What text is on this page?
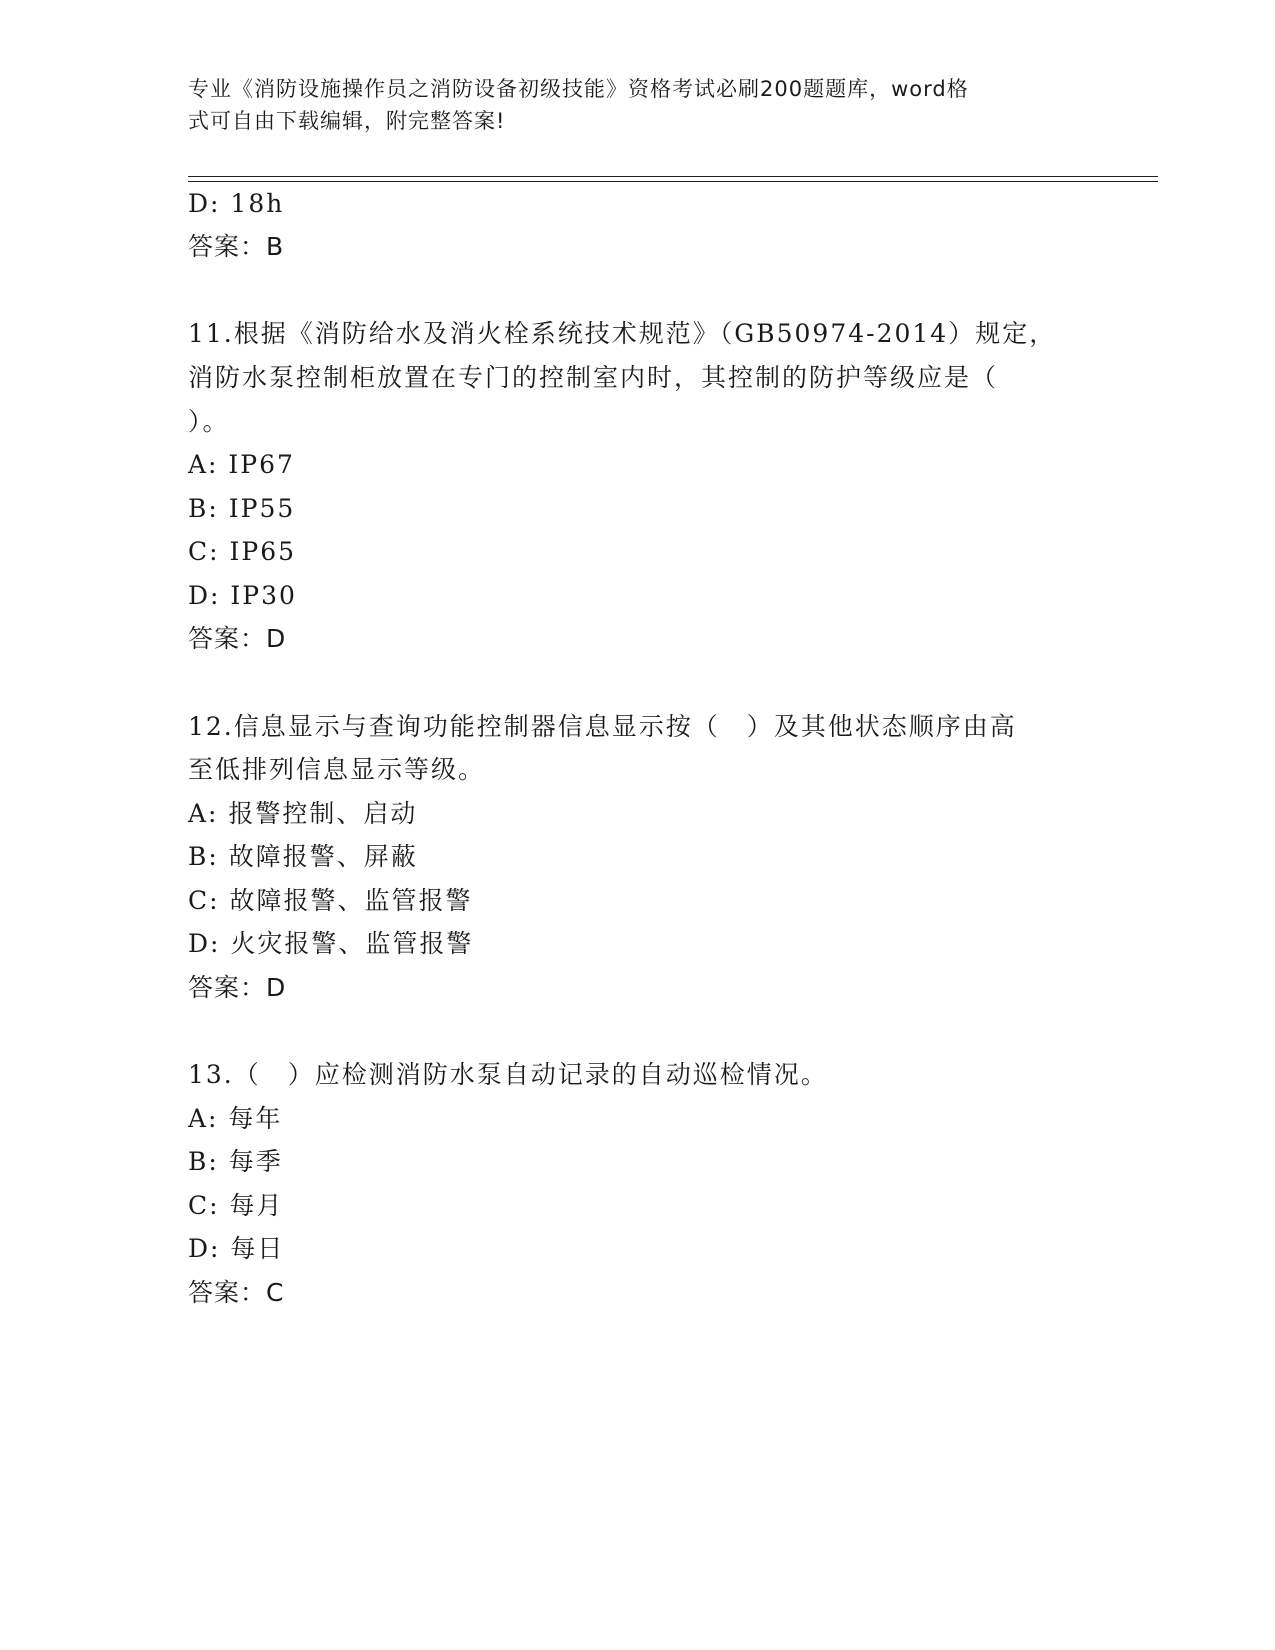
专业《消防设施操作员之消防设备初级技能》资格考试必刷200题题库，word格
式可自由下载编辑，附完整答案!
D: 18h
答案：B
11.根据《消防给水及消火栓系统技术规范》（GB50974-2014）规定，
消防水泵控制柜放置在专门的控制室内时，其控制的防护等级应是（
）。
A: IP67
B: IP55
C: IP65
D: IP30
答案：D
12.信息显示与查询功能控制器信息显示按（　）及其他状态顺序由高
至低排列信息显示等级。
A: 报警控制、启动
B: 故障报警、屏蔽
C: 故障报警、监管报警
D: 火灾报警、监管报警
答案：D
13.（　）应检测消防水泵自动记录的自动巡检情况。
A: 每年
B: 每季
C: 每月
D: 每日
答案：C
